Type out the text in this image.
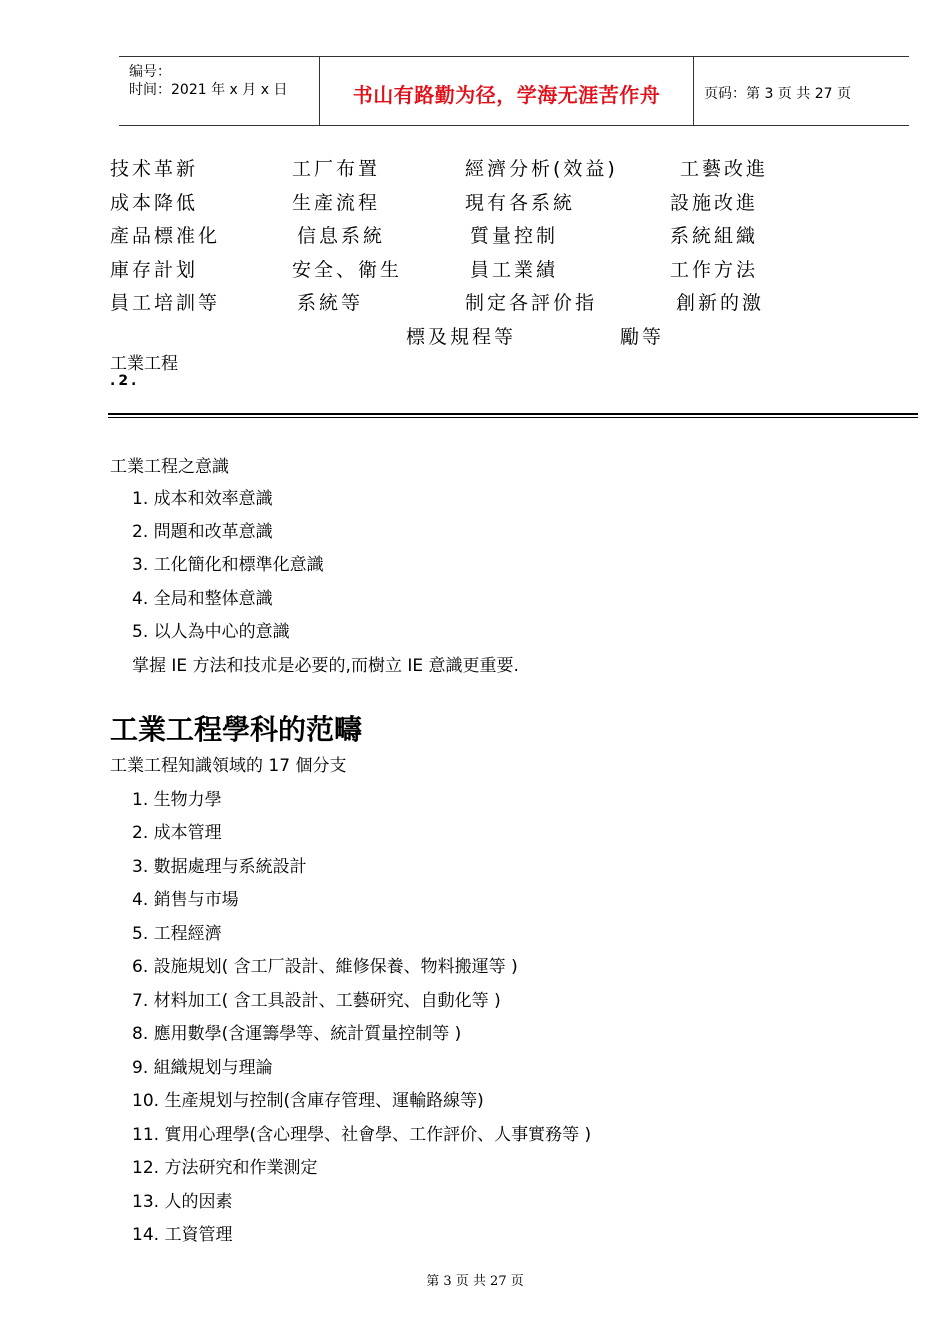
编号：
时间：2021 年 x 月 x 日	书山有路勤为径，学海无涯苦作舟	页码：第 3 页 共 27 页
技术革新
成本降低
產品標准化
庫存計划
員工培訓等
工厂布置
生產流程
信息系統
安全、衛生
系統等
經濟分析(效益)
現有各系統
質量控制
員工業績
制定各評价指
標及規程等
工藝改進
設施改進
系統組織
工作方法
創新的激
勵等
工業工程
.2.
工業工程之意識
1. 成本和效率意識
2. 問題和改革意識
3. 工化簡化和標準化意識
4. 全局和整体意識
5. 以人為中心的意識
掌握 IE 方法和技朮是必要的,而樹立 IE 意識更重要.
工業工程學科的范疇
工業工程知識領域的 17 個分支
1. 生物力學
2. 成本管理
3. 數据處理与系統設計
4. 銷售与市場
5. 工程經濟
6. 設施規划( 含工厂設計、維修保養、物料搬運等 )
7. 材料加工( 含工具設計、工藝研究、自動化等 )
8. 應用數學(含運籌學等、統計質量控制等 )
9. 組織規划与理論
10. 生產規划与控制(含庫存管理、運輸路線等)
11. 實用心理學(含心理學、社會學、工作評价、人事實務等 )
12. 方法研究和作業測定
13. 人的因素
14. 工資管理
第 3 页 共 27 页
